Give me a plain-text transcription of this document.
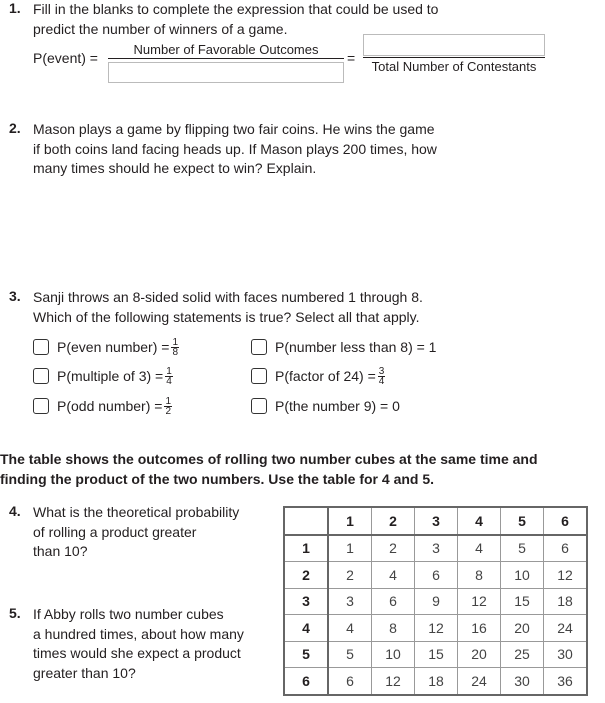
1. Fill in the blanks to complete the expression that could be used to
predict the number of winners of a game.
P(event) =
Number of Favorable Outcomes
=
Total Number of Contestants
2. Mason plays a game by flipping two fair coins. He wins the game
if both coins land facing heads up. If Mason plays 200 times, how
many times should he expect to win? Explain.
3. Sanji throws an 8-sided solid with faces numbered 1 through 8.
Which of the following statements is true? Select all that apply.
P(even number) = $\frac{1}{8}$
P(multiple of $3) = \frac{1}{4}$
P(odd number) = $\frac{1}{2}$
P(number less than 8) = 1
P(factor of $24) = \frac{3}{4}$
P(the number 9) = 0
The table shows the outcomes of rolling two number cubes at the same time and
finding the product of the two numbers. Use the table for 4 and 5.
4. What is the theoretical probability
of rolling a product greater
than 10?
5. If Abby rolls two number cubes
a hundred times, about how many
times would she expect a product
greater than 10?
	1	2	3	4	5	6
1	1	2	3	4	5	6
2	2	4	6	8	10	12
3	3	6	9	12	15	18
4	4	8	12	16	20	24
5	5	10	15	20	25	30
6	6	12	18	24	30	36
